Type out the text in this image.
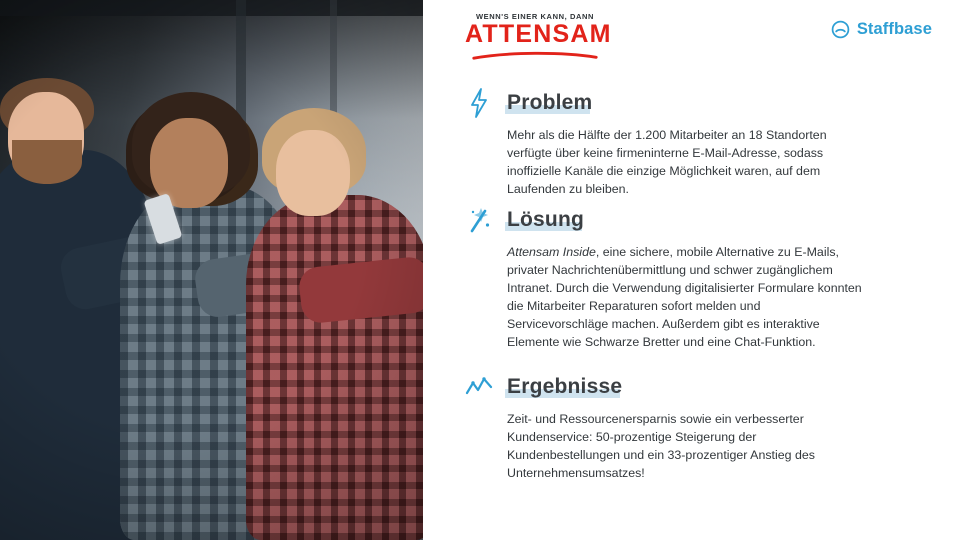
WENN'S EINER KANN, DANN
ATTENSAM	Staffbase
Problem
Mehr als die Hälfte der 1.200 Mitarbeiter an 18 Standorten verfügte über keine firmeninterne E-Mail-Adresse, sodass inoffizielle Kanäle die einzige Möglichkeit waren, auf dem Laufenden zu bleiben.
Lösung
Attensam Inside, eine sichere, mobile Alternative zu E-Mails, privater Nachrichtenübermittlung und schwer zugänglichem Intranet. Durch die Verwendung digitalisierter Formulare konnten die Mitarbeiter Reparaturen sofort melden und Servicevorschläge machen. Außerdem gibt es interaktive Elemente wie Schwarze Bretter und eine Chat-Funktion.
Ergebnisse
Zeit- und Ressourcenersparnis sowie ein verbesserter Kundenservice: 50-prozentige Steigerung der Kundenbestellungen und ein 33-prozentiger Anstieg des Unternehmensumsatzes!
